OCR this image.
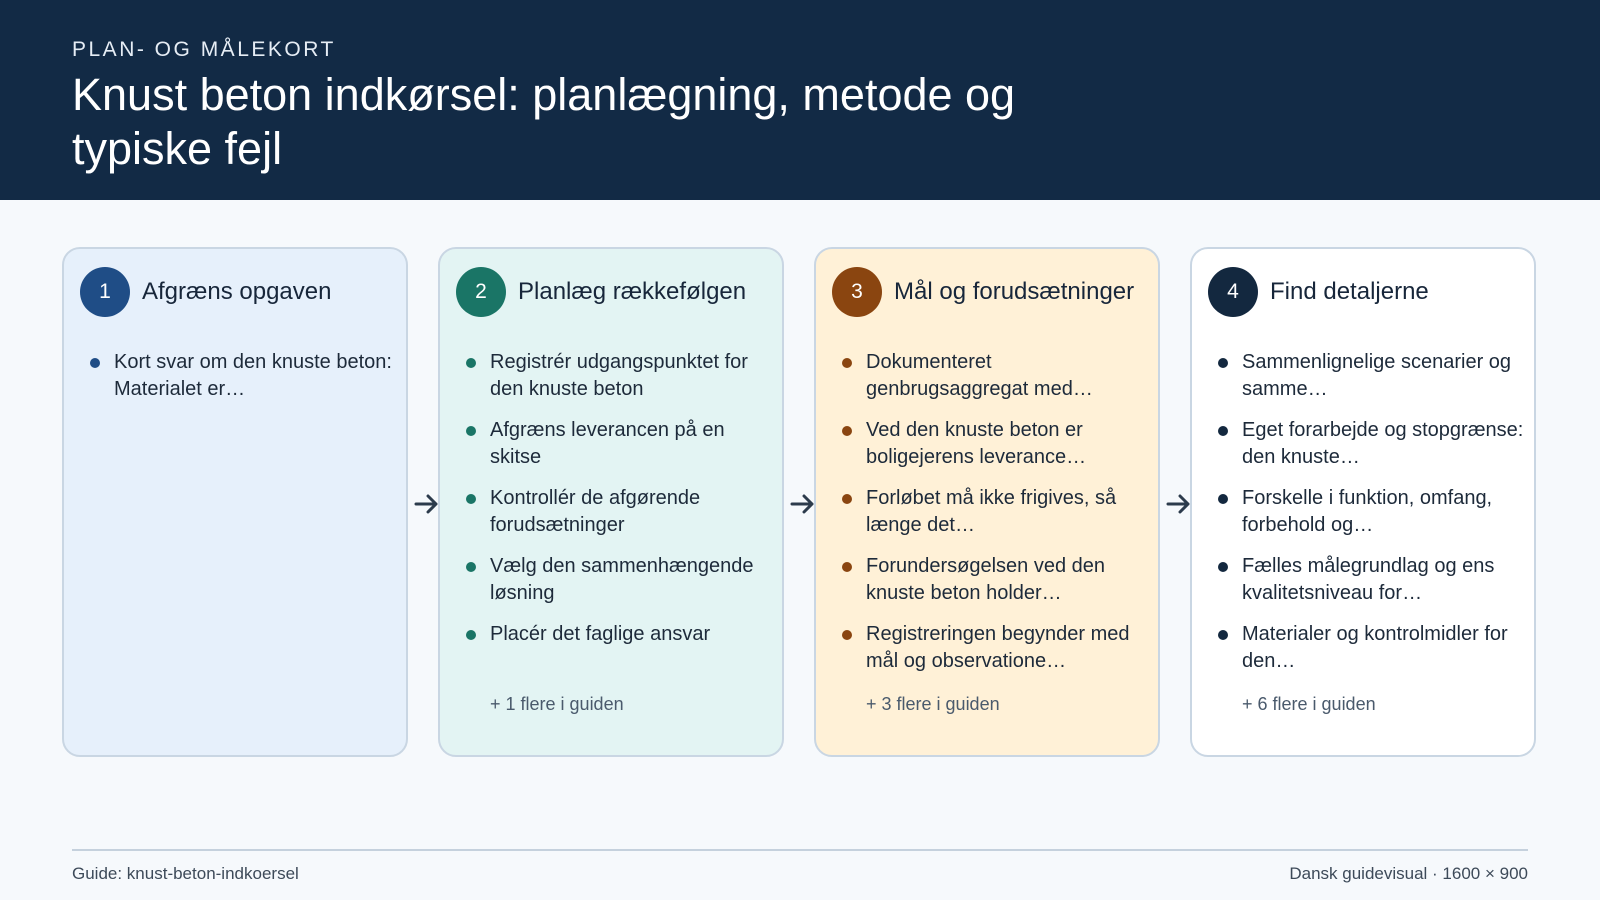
PLAN- OG MÅLEKORT
Knust beton indkørsel: planlægning, metode og typiske fejl
1	Afgræns opgaven
Kort svar om den knuste beton: Materialet er…
2	Planlæg rækkefølgen
Registrér udgangspunktet for den knuste beton
Afgræns leverancen på en skitse
Kontrollér de afgørende forudsætninger
Vælg den sammenhængende løsning
Placér det faglige ansvar
+ 1 flere i guiden
3	Mål og forudsætninger
Dokumenteret genbrugsaggregat med…
Ved den knuste beton er boligejerens leverance…
Forløbet må ikke frigives, så længe det…
Forundersøgelsen ved den knuste beton holder…
Registreringen begynder med mål og observatione…
+ 3 flere i guiden
4	Find detaljerne
Sammenlignelige scenarier og samme…
Eget forarbejde og stopgrænse: den knuste…
Forskelle i funktion, omfang, forbehold og…
Fælles målegrundlag og ens kvalitetsniveau for…
Materialer og kontrolmidler for den…
+ 6 flere i guiden
Guide: knust-beton-indkoersel	Dansk guidevisual · 1600 × 900
